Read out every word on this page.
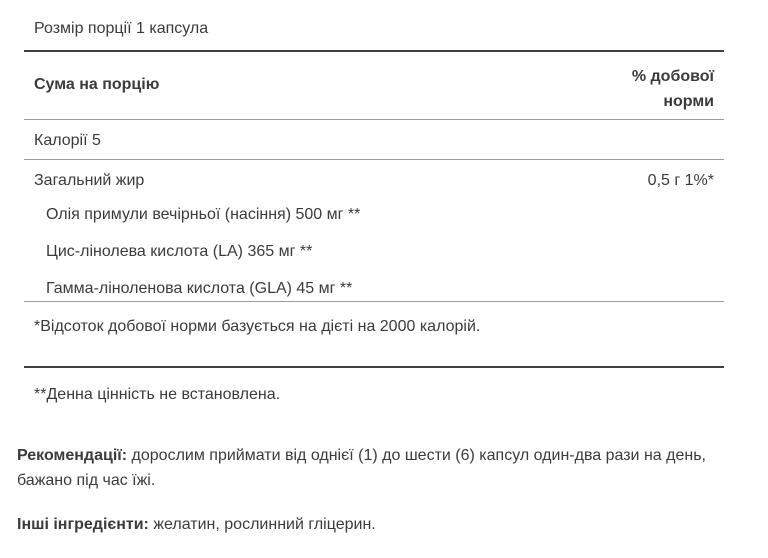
Розмір порції 1 капсула
Сума на порцію	% добової
норми
Калорії 5
Загальний жир	0,5 г 1%*
Олія примули вечірньої (насіння) 500 мг **
Цис-лінолева кислота (LA) 365 мг **
Гамма-ліноленова кислота (GLA) 45 мг **
*Відсоток добової норми базується на дієті на 2000 калорій.
**Денна цінність не встановлена.
Рекомендації: дорослим приймати від однієї (1) до шести (6) капсул один-два рази на день, бажано під час їжі.
Інші інгредієнти: желатин, рослинний гліцерин.
